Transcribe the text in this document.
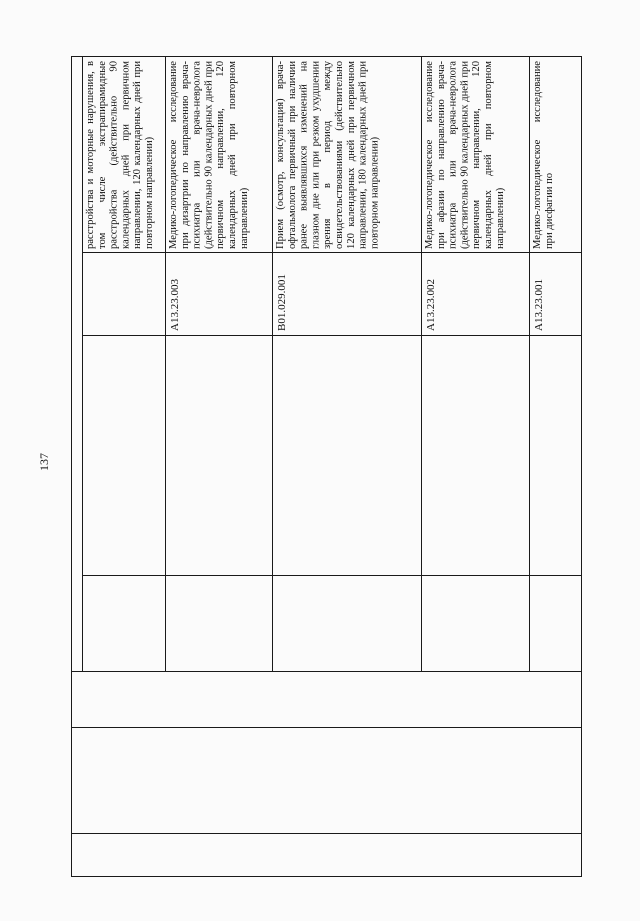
137
расстройства и моторные нарушения, в том числе экстрапирамидные расстройства (действительно 90 календарных дней при первичном направлении, 120 календарных дней при повторном направлении)	Медико-логопедическое исследование при дизартрии по направлению врача-психиатра или врача-невролога (действительно 90 календарных дней при первичном направлении, 120 календарных дней при повторном направлении)
A13.23.003
Прием (осмотр, консультация) врача-офтальмолога первичный при наличии ранее выявлявшихся изменений на глазном дне или при резком ухудшении зрения в период между освидетельствованиями (действительно 120 календарных дней при первичном направлении, 180 календарных дней при повторном направлении)
B01.029.001
Медико-логопедическое исследование при афазии по направлению врача-психиатра или врача-невролога (действительно 90 календарных дней при первичном направлении, 120 календарных дней при повторном направлении)
A13.23.002
Медико-логопедическое исследование при дисфагии по
A13.23.001
